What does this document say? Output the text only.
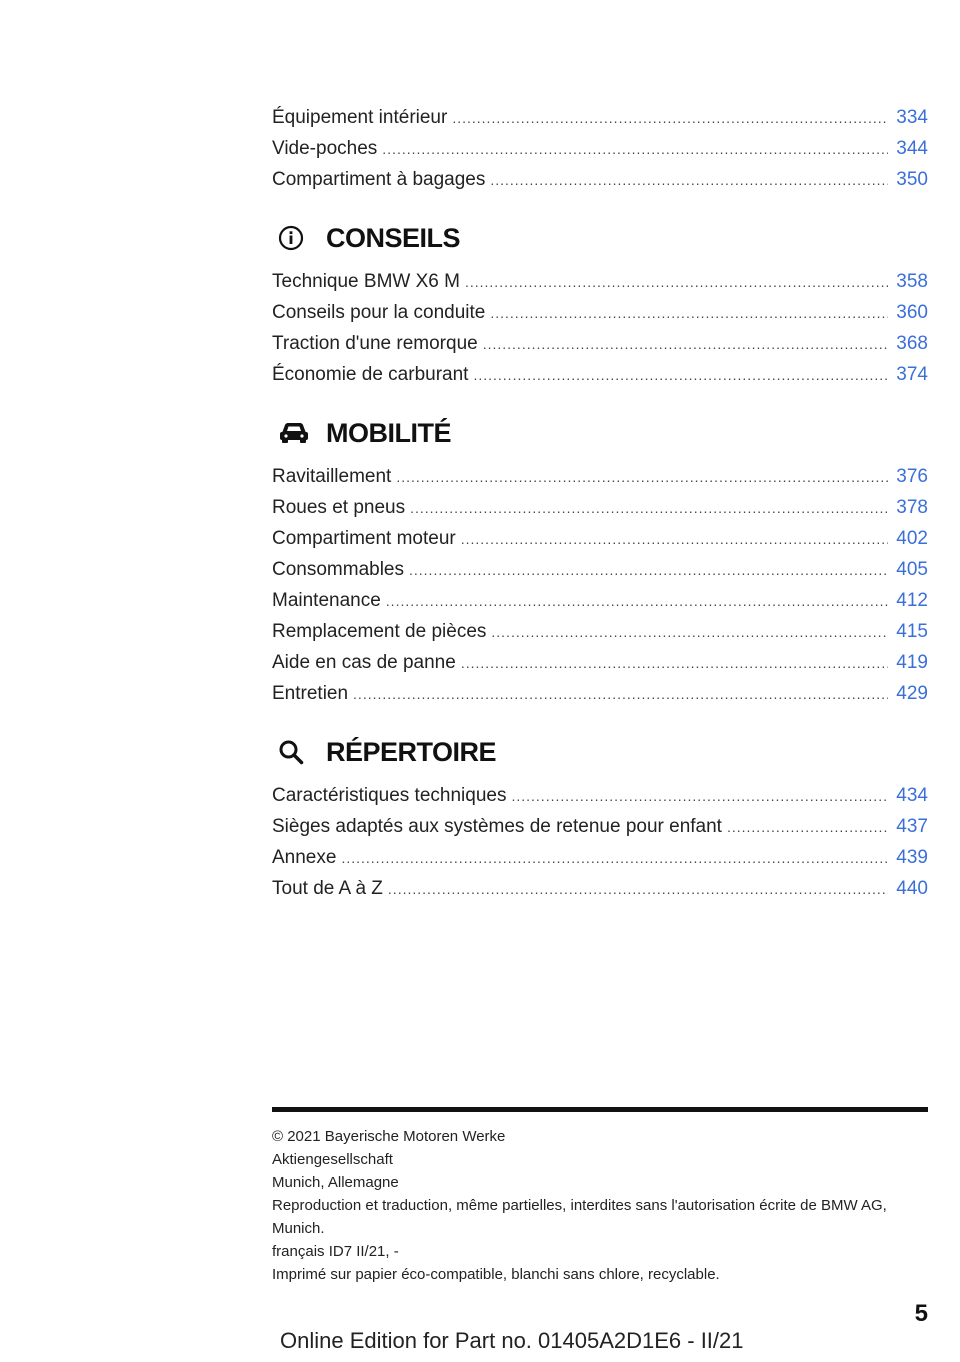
Équipement intérieur .....	334
Vide-poches .....	344
Compartiment à bagages .....	350
CONSEILS
Technique BMW X6 M .....	358
Conseils pour la conduite .....	360
Traction d'une remorque .....	368
Économie de carburant .....	374
MOBILITÉ
Ravitaillement .....	376
Roues et pneus .....	378
Compartiment moteur .....	402
Consommables .....	405
Maintenance .....	412
Remplacement de pièces .....	415
Aide en cas de panne .....	419
Entretien .....	429
RÉPERTOIRE
Caractéristiques techniques .....	434
Sièges adaptés aux systèmes de retenue pour enfant .....	437
Annexe .....	439
Tout de A à Z .....	440
© 2021 Bayerische Motoren Werke
Aktiengesellschaft
Munich, Allemagne
Reproduction et traduction, même partielles, interdites sans l'autorisation écrite de BMW AG,
Munich.
français ID7 II/21, -
Imprimé sur papier éco-compatible, blanchi sans chlore, recyclable.
5
Online Edition for Part no. 01405A2D1E6 - II/21
